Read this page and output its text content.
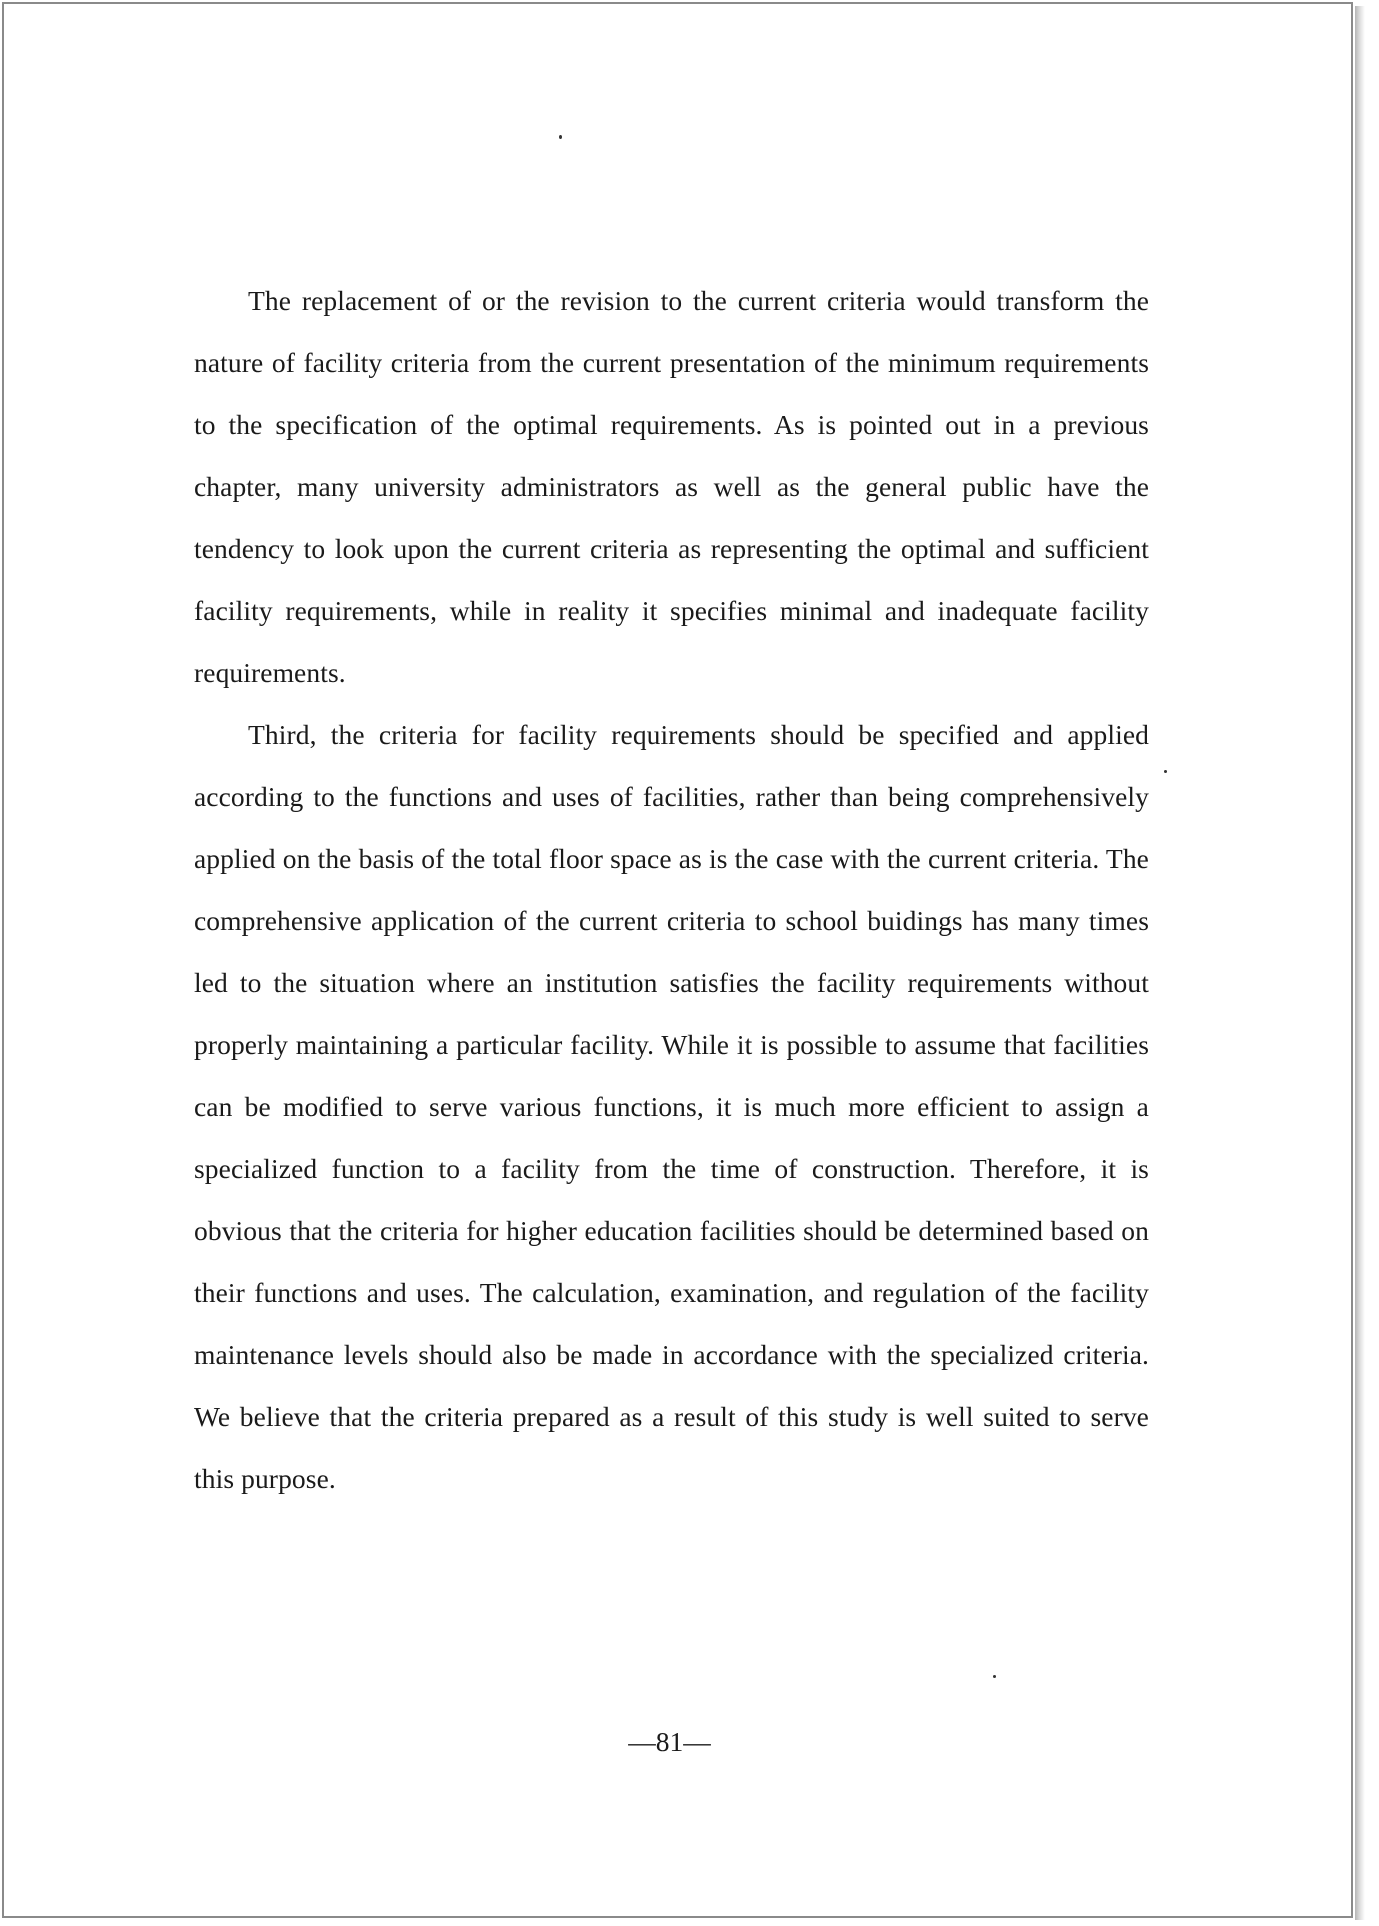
The replacement of or the revision to the current criteria would transform the nature of facility criteria from the current presentation of the minimum requirements to the specification of the optimal requirements. As is pointed out in a previous chapter, many university administrators as well as the general public have the tendency to look upon the current criteria as representing the optimal and sufficient facility requirements, while in reality it specifies minimal and inadequate facility requirements.

Third, the criteria for facility requirements should be specified and applied according to the functions and uses of facilities, rather than being comprehensively applied on the basis of the total floor space as is the case with the current criteria. The comprehensive application of the current criteria to school buidings has many times led to the situation where an institution satisfies the facility requirements without properly maintaining a particular facility. While it is possible to assume that facilities can be modified to serve various functions, it is much more efficient to assign a specialized function to a facility from the time of construction. Therefore, it is obvious that the criteria for higher education facilities should be determined based on their functions and uses. The calculation, examination, and regulation of the facility maintenance levels should also be made in accordance with the specialized criteria. We believe that the criteria prepared as a result of this study is well suited to serve this purpose.

—81—
